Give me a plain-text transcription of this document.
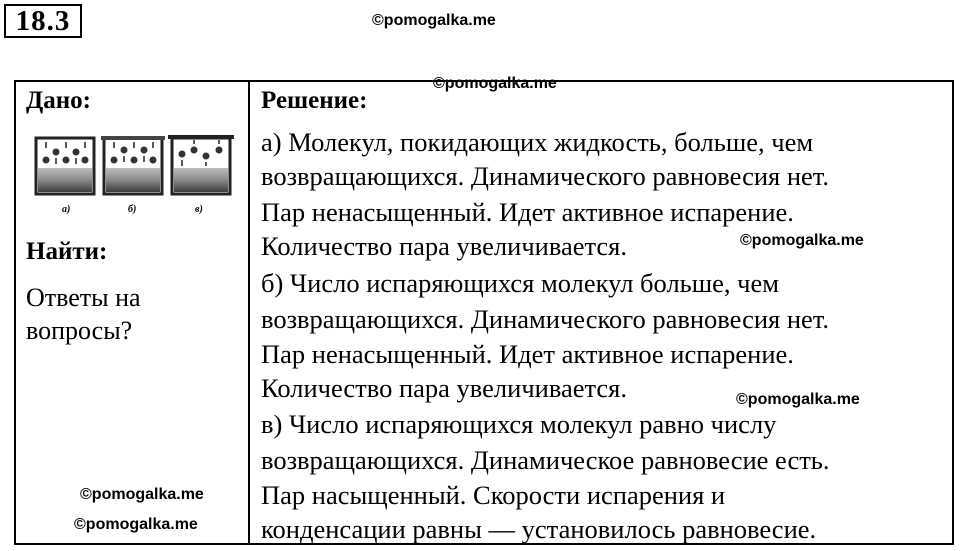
18.3	©pomogalka.me
©pomogalka.me
©pomogalka.me
©pomogalka.me
©pomogalka.me
©pomogalka.me
Дано:
а)	б)	в)
Найти:
Ответы на
вопросы?
Решение:
а) Молекул, покидающих жидкость, больше, чем
возвращающихся. Динамического равновесия нет.
Пар ненасыщенный. Идет активное испарение.
Количество пара увеличивается.
б) Число испаряющихся молекул больше, чем
возвращающихся. Динамического равновесия нет.
Пар ненасыщенный. Идет активное испарение.
Количество пара увеличивается.
в) Число испаряющихся молекул равно числу
возвращающихся. Динамическое равновесие есть.
Пар насыщенный. Скорости испарения и
конденсации равны — установилось равновесие.
